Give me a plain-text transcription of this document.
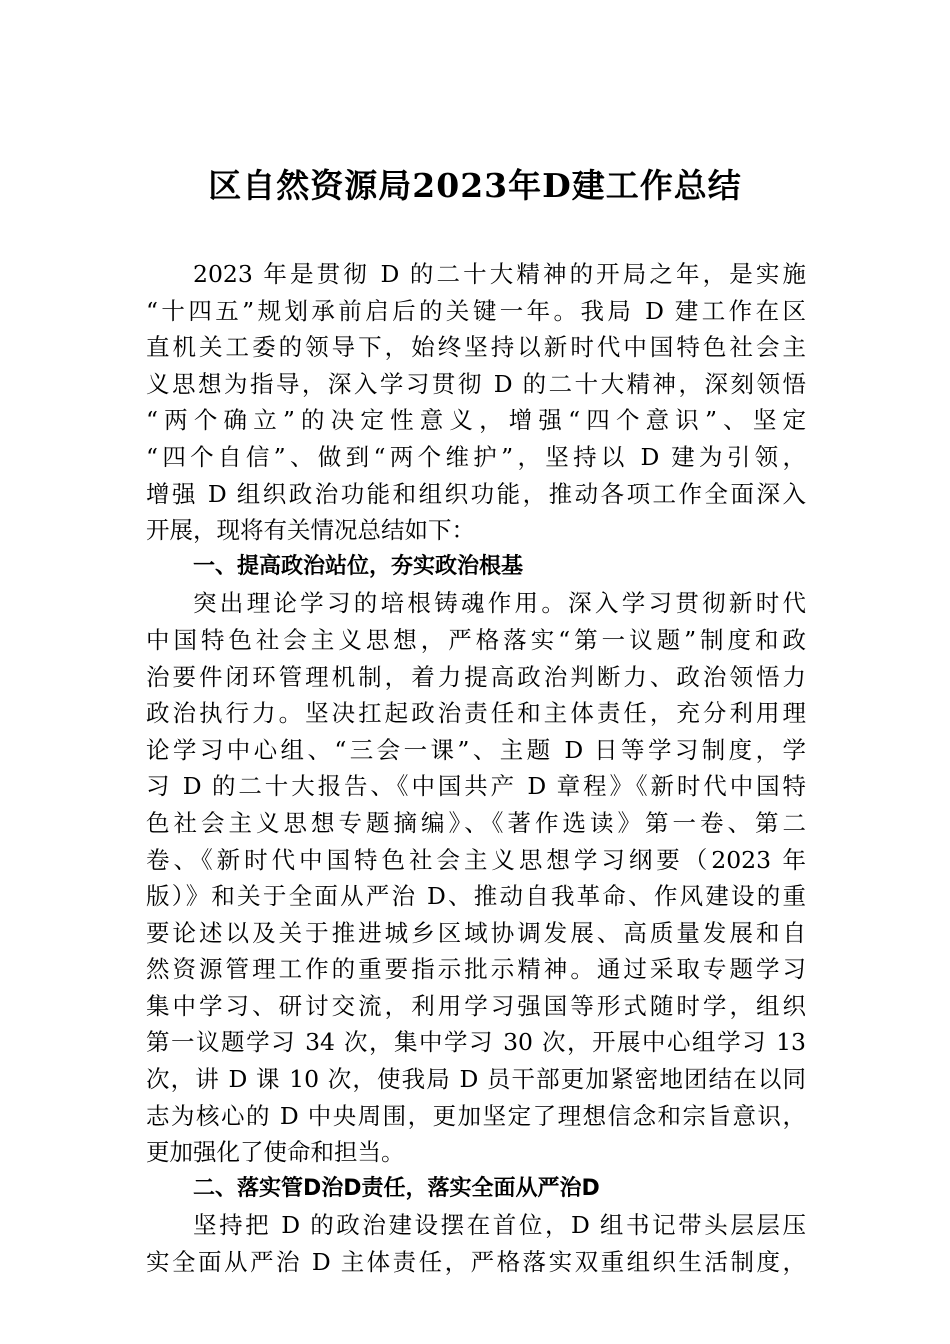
区自然资源局2023年D建工作总结
2023 年是贯彻 D 的二十大精神的开局之年，是实施
“十四五”规划承前启后的关键一年。我局 D 建工作在区
直机关工委的领导下，始终坚持以新时代中国特色社会主
义思想为指导，深入学习贯彻 D 的二十大精神，深刻领悟
“两个确立”的决定性意义，增强“四个意识”、坚定
“四个自信”、做到“两个维护”，坚持以 D 建为引领，
增强 D 组织政治功能和组织功能，推动各项工作全面深入
开展，现将有关情况总结如下：
一、提高政治站位，夯实政治根基
突出理论学习的培根铸魂作用。深入学习贯彻新时代
中国特色社会主义思想，严格落实“第一议题”制度和政
治要件闭环管理机制，着力提高政治判断力、政治领悟力
政治执行力。坚决扛起政治责任和主体责任，充分利用理
论学习中心组、“三会一课”、主题 D 日等学习制度，学
习 D 的二十大报告、《中国共产 D 章程》《新时代中国特
色社会主义思想专题摘编》、《著作选读》第一卷、第二
卷、《新时代中国特色社会主义思想学习纲要（2023 年
版）》和关于全面从严治 D、推动自我革命、作风建设的重
要论述以及关于推进城乡区域协调发展、高质量发展和自
然资源管理工作的重要指示批示精神。通过采取专题学习
集中学习、研讨交流，利用学习强国等形式随时学，组织
第一议题学习 34 次，集中学习 30 次，开展中心组学习 13
次，讲 D 课 10 次，使我局 D 员干部更加紧密地团结在以同
志为核心的 D 中央周围，更加坚定了理想信念和宗旨意识，
更加强化了使命和担当。
二、落实管D治D责任，落实全面从严治D
坚持把 D 的政治建设摆在首位，D 组书记带头层层压
实全面从严治 D 主体责任，严格落实双重组织生活制度，
